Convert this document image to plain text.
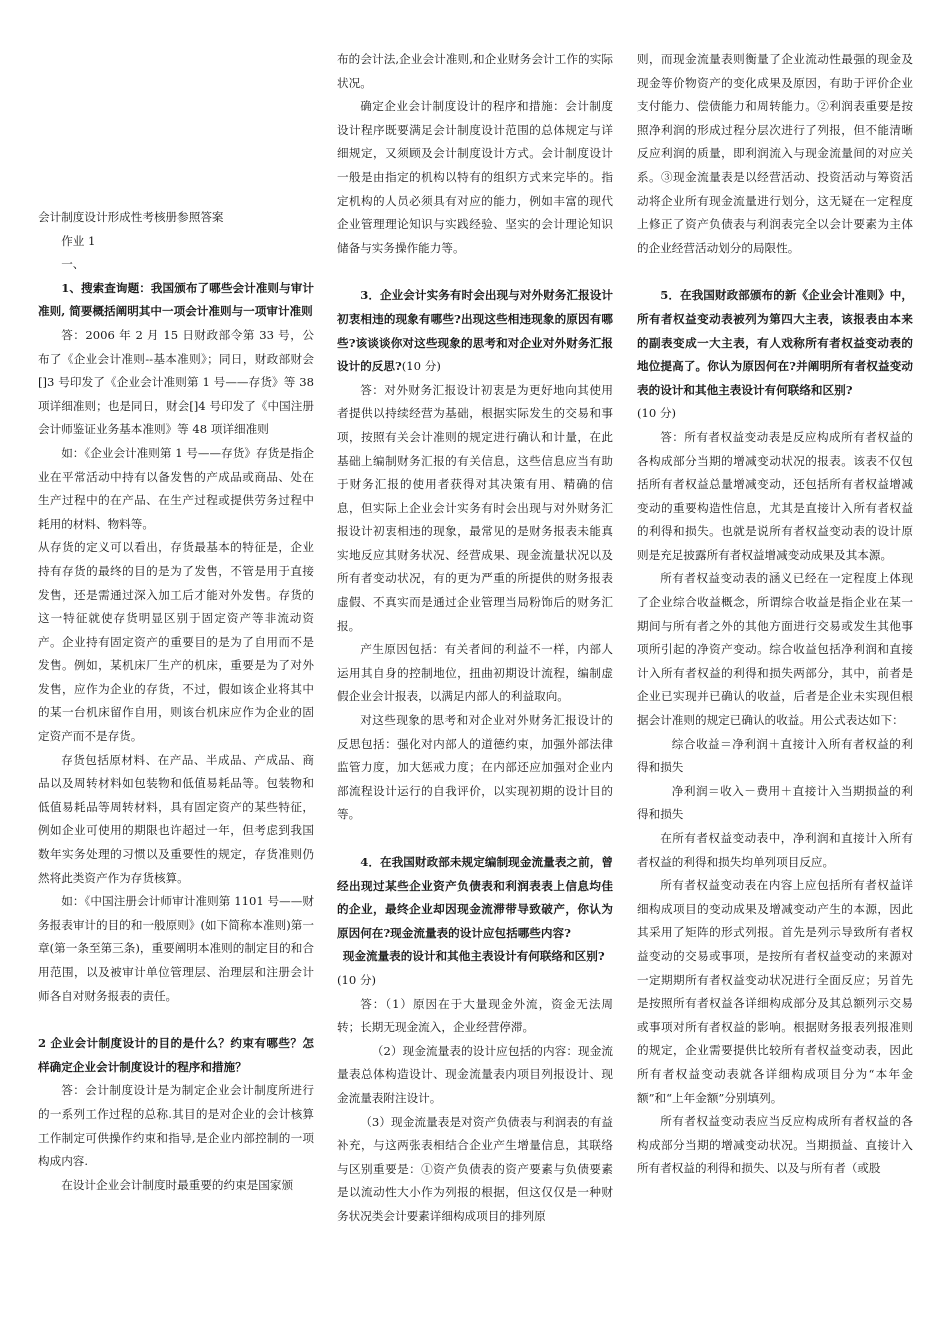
会计制度设计形成性考核册参照答案

作业 1

一、

1、搜索查询题：我国颁布了哪些会计准则与审计准则, 简要概括阐明其中一项会计准则与一项审计准则

答：2006 年 2 月 15 日财政部令第 33 号，公布了《企业会计准则--基本准则》；同日，财政部财会[]3 号印发了《企业会计准则第 1 号——存货》等 38 项详细准则；也是同日，财会[]4 号印发了《中国注册会计师鉴证业务基本准则》等 48 项详细准则

如：《企业会计准则第 1 号——存货》存货是指企业在平常活动中持有以备发售的产成品或商品、处在生产过程中的在产品、在生产过程或提供劳务过程中耗用的材料、物料等。

从存货的定义可以看出，存货最基本的特征是，企业持有存货的最终的目的是为了发售，不管是用于直接发售，还是需通过深入加工后才能对外发售。存货的这一特征就使存货明显区别于固定资产等非流动资产。企业持有固定资产的重要目的是为了自用而不是发售。例如，某机床厂生产的机床，重要是为了对外发售，应作为企业的存货，不过，假如该企业将其中的某一台机床留作自用，则该台机床应作为企业的固定资产而不是存货。

存货包括原材料、在产品、半成品、产成品、商品以及周转材料如包装物和低值易耗品等。包装物和低值易耗品等周转材料，具有固定资产的某些特征，例如企业可使用的期限也许超过一年，但考虑到我国数年实务处理的习惯以及重要性的规定，存货准则仍然将此类资产作为存货核算。

如：《中国注册会计师审计准则第 1101 号——财务报表审计的目的和一般原则》(如下简称本准则)第一章(第一条至第三条)，重要阐明本准则的制定目的和合用范围，以及被审计单位管理层、治理层和注册会计师各自对财务报表的责任。

2 企业会计制度设计的目的是什么？约束有哪些？怎样确定企业会计制度设计的程序和措施？

答：会计制度设计是为制定企业会计制度所进行的一系列工作过程的总称.其目的是对企业的会计核算工作制定可供操作约束和指导,是企业内部控制的一项构成内容.

在设计企业会计制度时最重要的约束是国家颁

布的会计法,企业会计准则,和企业财务会计工作的实际状况。

确定企业会计制度设计的程序和措施：会计制度设计程序既要满足会计制度设计范围的总体规定与详细规定，又须顾及会计制度设计方式。会计制度设计一般是由指定的机构以特有的组织方式来完毕的。指定机构的人员必须具有对应的能力，例如丰富的现代企业管理理论知识与实践经验、坚实的会计理论知识储备与实务操作能力等。

3．企业会计实务有时会出现与对外财务汇报设计初衷相违的现象有哪些?出现这些相违现象的原因有哪些?该谈谈你对这些现象的思考和对企业对外财务汇报设计的反思?(10 分)

答：对外财务汇报设计初衷是为更好地向其使用者提供以持续经营为基础，根据实际发生的交易和事项，按照有关会计准则的规定进行确认和计量，在此基础上编制财务汇报的有关信息，这些信息应当有助于财务汇报的使用者获得对其决策有用、精确的信息，但实际上企业会计实务有时会出现与对外财务汇报设计初衷相违的现象，最常见的是财务报表未能真实地反应其财务状况、经营成果、现金流量状况以及所有者变动状况，有的更为严重的所提供的财务报表虚假、不真实而是通过企业管理当局粉饰后的财务汇报。

产生原因包括：有关者间的利益不一样，内部人运用其自身的控制地位，扭曲初期设计流程，编制虚假企业会计报表，以满足内部人的利益取向。

对这些现象的思考和对企业对外财务汇报设计的反思包括：强化对内部人的道德约束，加强外部法律监管力度，加大惩戒力度；在内部还应加强对企业内部流程设计运行的自我评价，以实现初期的设计目的等。

4．在我国财政部未规定编制现金流量表之前，曾经出现过某些企业资产负债表和利润表表上信息均佳的企业，最终企业却因现金流滞带导致破产，你认为原因何在?现金流量表的设计应包括哪些内容?

现金流量表的设计和其他主表设计有何联络和区别?

(10 分)

答：（1）原因在于大量现金外流，资金无法周转；长期无现金流入，企业经营停滞。

（2）现金流量表的设计应包括的内容：现金流量表总体构造设计、现金流量表内项目列报设计、现金流量表附注设计。

（3）现金流量表是对资产负债表与利润表的有益补充，与这两张表相结合企业产生增量信息，其联络与区别重要是：①资产负债表的资产要素与负债要素是以流动性大小作为列报的根据，但这仅仅是一种财务状况类会计要素详细构成项目的排列原

则，而现金流量表则衡量了企业流动性最强的现金及现金等价物资产的变化成果及原因，有助于评价企业支付能力、偿债能力和周转能力。②利润表重要是按照净利润的形成过程分层次进行了列报，但不能清晰反应利润的质量，即利润流入与现金流量间的对应关系。③现金流量表是以经营活动、投资活动与筹资活动将企业所有现金流量进行划分，这无疑在一定程度上修正了资产负债表与利润表完全以会计要素为主体的企业经营活动划分的局限性。

5．在我国财政部颁布的新《企业会计准则》中，所有者权益变动表被列为第四大主表，该报表由本来的副表变成一大主表，有人戏称所有者权益变动表的地位提高了。你认为原因何在?并阐明所有者权益变动表的设计和其他主表设计有何联络和区别?

(10 分)

答：所有者权益变动表是反应构成所有者权益的各构成部分当期的增减变动状况的报表。该表不仅包括所有者权益总量增减变动，还包括所有者权益增减变动的重要构造性信息，尤其是直接计入所有者权益的利得和损失。也就是说所有者权益变动表的设计原则是充足披露所有者权益增减变动成果及其本源。

所有者权益变动表的涵义已经在一定程度上体现了企业综合收益概念，所谓综合收益是指企业在某一期间与所有者之外的其他方面进行交易或发生其他事项所引起的净资产变动。综合收益包括净利润和直接计入所有者权益的利得和损失两部分，其中，前者是企业已实现并已确认的收益，后者是企业未实现但根据会计准则的规定已确认的收益。用公式表达如下：

综合收益＝净利润＋直接计入所有者权益的利得和损失

净利润＝收入－费用＋直接计入当期损益的利得和损失

在所有者权益变动表中，净利润和直接计入所有者权益的利得和损失均单列项目反应。

所有者权益变动表在内容上应包括所有者权益详细构成项目的变动成果及增减变动产生的本源，因此其采用了矩阵的形式列报。首先是列示导致所有者权益变动的交易或事项，是按所有者权益变动的来源对一定期期所有者权益变动状况进行全面反应；另首先是按照所有者权益各详细构成部分及其总额列示交易或事项对所有者权益的影响。根据财务报表列报准则的规定，企业需要提供比较所有者权益变动表，因此所有者权益变动表就各详细构成项目分为“本年金额”和“上年金额”分别填列。

所有者权益变动表应当反应构成所有者权益的各构成部分当期的增减变动状况。当期损益、直接计入所有者权益的利得和损失、以及与所有者（或股
